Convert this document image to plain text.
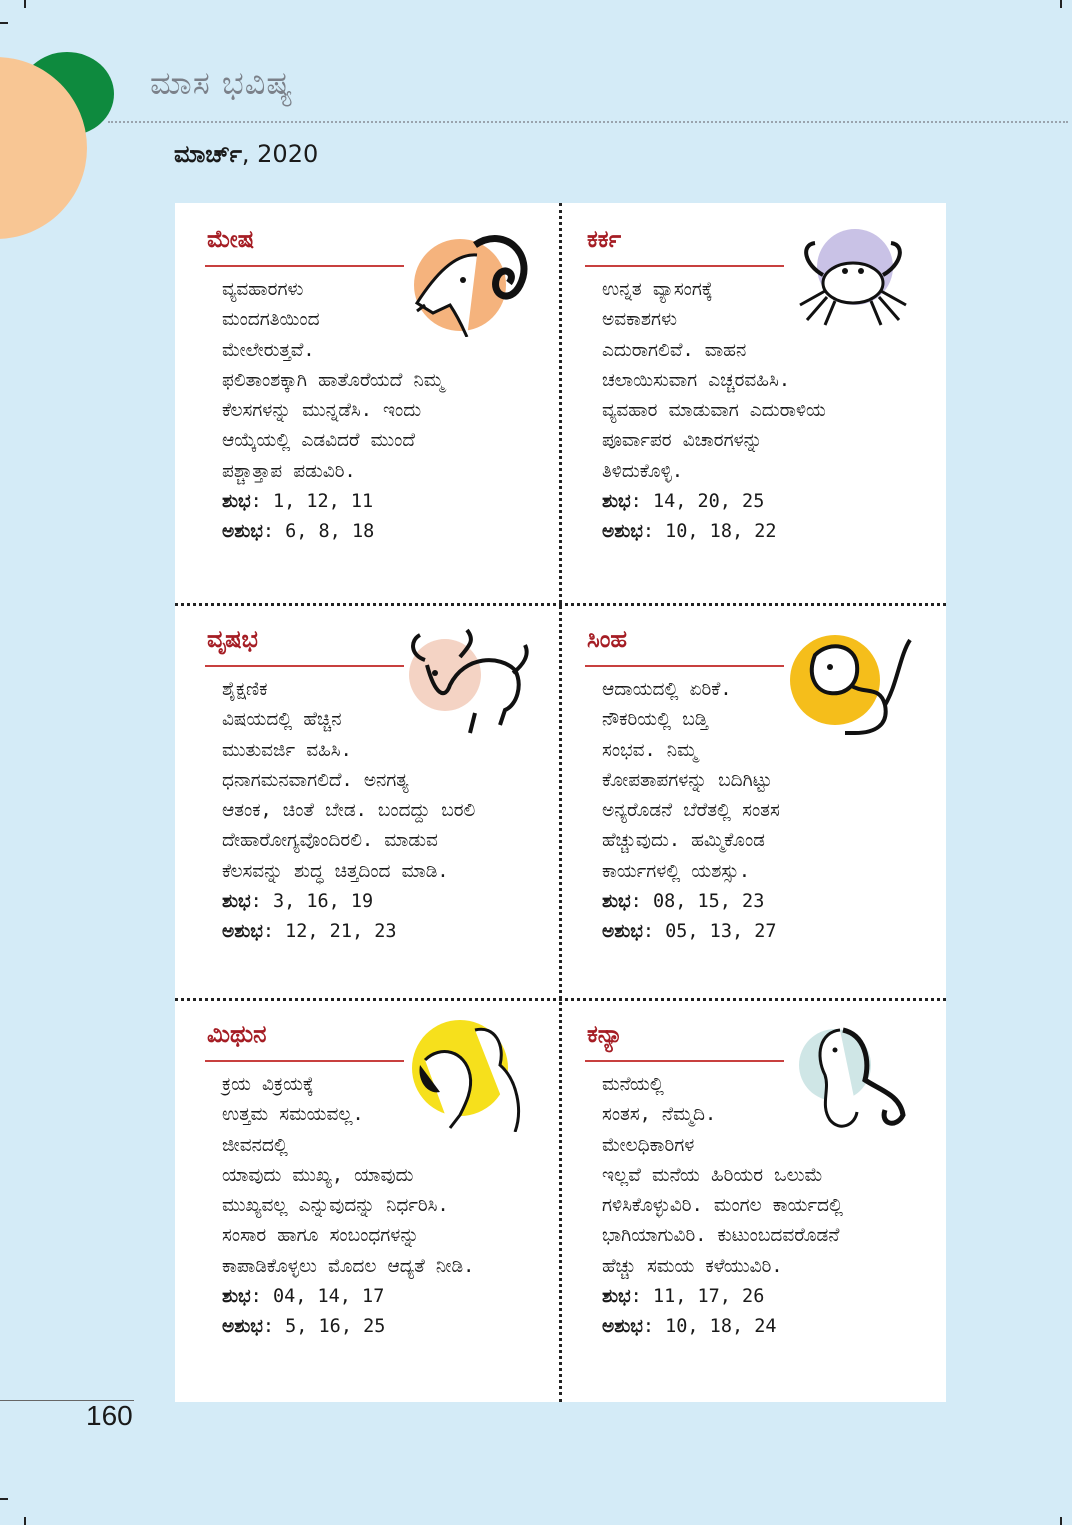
ಮಾಸ ಭವಿಷ್ಯ
ಮಾರ್ಚ್, 2020
ಮೇಷ
ವ್ಯವಹಾರಗಳು
ಮಂದಗತಿಯಿಂದ
ಮೇಲೇರುತ್ತವೆ.
ಫಲಿತಾಂಶಕ್ಕಾಗಿ ಹಾತೊರೆಯದೆ ನಿಮ್ಮ
ಕೆಲಸಗಳನ್ನು ಮುನ್ನಡೆಸಿ. ಇಂದು
ಆಯ್ಕೆಯಲ್ಲಿ ಎಡವಿದರೆ ಮುಂದೆ
ಪಶ್ಚಾತ್ತಾಪ ಪಡುವಿರಿ.
ಶುಭ: 1, 12, 11
ಅಶುಭ: 6, 8, 18
ಕರ್ಕ
ಉನ್ನತ ವ್ಯಾಸಂಗಕ್ಕೆ
ಅವಕಾಶಗಳು
ಎದುರಾಗಲಿವೆ. ವಾಹನ
ಚಲಾಯಿಸುವಾಗ ಎಚ್ಚರವಹಿಸಿ.
ವ್ಯವಹಾರ ಮಾಡುವಾಗ ಎದುರಾಳಿಯ
ಪೂರ್ವಾಪರ ವಿಚಾರಗಳನ್ನು
ತಿಳಿದುಕೊಳ್ಳಿ.
ಶುಭ: 14, 20, 25
ಅಶುಭ: 10, 18, 22
ವೃಷಭ
ಶೈಕ್ಷಣಿಕ
ವಿಷಯದಲ್ಲಿ ಹೆಚ್ಚಿನ
ಮುತುವರ್ಜಿ ವಹಿಸಿ.
ಧನಾಗಮನವಾಗಲಿದೆ. ಅನಗತ್ಯ
ಆತಂಕ, ಚಿಂತೆ ಬೇಡ. ಬಂದದ್ದು ಬರಲಿ
ದೇಹಾರೋಗ್ಯವೊಂದಿರಲಿ. ಮಾಡುವ
ಕೆಲಸವನ್ನು ಶುದ್ಧ ಚಿತ್ತದಿಂದ ಮಾಡಿ.
ಶುಭ: 3, 16, 19
ಅಶುಭ: 12, 21, 23
ಸಿಂಹ
ಆದಾಯದಲ್ಲಿ ಏರಿಕೆ.
ನೌಕರಿಯಲ್ಲಿ ಬಡ್ತಿ
ಸಂಭವ. ನಿಮ್ಮ
ಕೋಪತಾಪಗಳನ್ನು ಬದಿಗಿಟ್ಟು
ಅನ್ಯರೊಡನೆ ಬೆರೆತಲ್ಲಿ ಸಂತಸ
ಹೆಚ್ಚುವುದು. ಹಮ್ಮಿಕೊಂಡ
ಕಾರ್ಯಗಳಲ್ಲಿ ಯಶಸ್ಸು.
ಶುಭ: 08, 15, 23
ಅಶುಭ: 05, 13, 27
ಮಿಥುನ
ಕ್ರಯ ವಿಕ್ರಯಕ್ಕೆ
ಉತ್ತಮ ಸಮಯವಲ್ಲ.
ಜೀವನದಲ್ಲಿ
ಯಾವುದು ಮುಖ್ಯ, ಯಾವುದು
ಮುಖ್ಯವಲ್ಲ ಎನ್ನುವುದನ್ನು ನಿರ್ಧರಿಸಿ.
ಸಂಸಾರ ಹಾಗೂ ಸಂಬಂಧಗಳನ್ನು
ಕಾಪಾಡಿಕೊಳ್ಳಲು ಮೊದಲ ಆದ್ಯತೆ ನೀಡಿ.
ಶುಭ: 04, 14, 17
ಅಶುಭ: 5, 16, 25
ಕನ್ಯಾ
ಮನೆಯಲ್ಲಿ
ಸಂತಸ, ನೆಮ್ಮದಿ.
ಮೇಲಧಿಕಾರಿಗಳ
ಇಲ್ಲವೆ ಮನೆಯ ಹಿರಿಯರ ಒಲುಮೆ
ಗಳಿಸಿಕೊಳ್ಳುವಿರಿ. ಮಂಗಲ ಕಾರ್ಯದಲ್ಲಿ
ಭಾಗಿಯಾಗುವಿರಿ. ಕುಟುಂಬದವರೊಡನೆ
ಹೆಚ್ಚು ಸಮಯ ಕಳೆಯುವಿರಿ.
ಶುಭ: 11, 17, 26
ಅಶುಭ: 10, 18, 24
160
